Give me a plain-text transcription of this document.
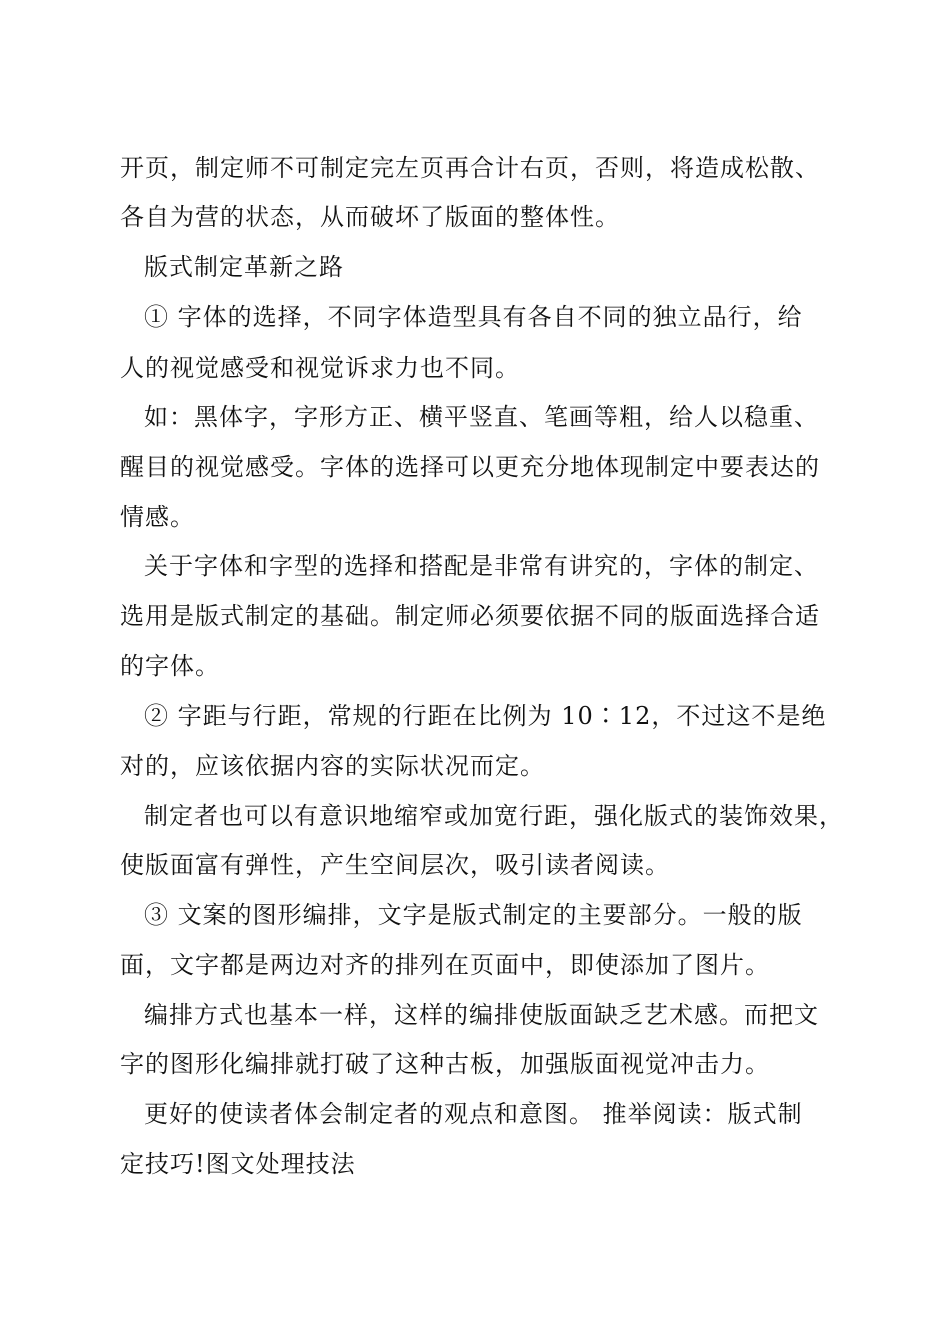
开页，制定师不可制定完左页再合计右页，否则，将造成松散、
各自为营的状态，从而破坏了版面的整体性。
版式制定革新之路
① 字体的选择，不同字体造型具有各自不同的独立品行，给
人的视觉感受和视觉诉求力也不同。
如：黑体字，字形方正、横平竖直、笔画等粗，给人以稳重、
醒目的视觉感受。字体的选择可以更充分地体现制定中要表达的
情感。
关于字体和字型的选择和搭配是非常有讲究的，字体的制定、
选用是版式制定的基础。制定师必须要依据不同的版面选择合适
的字体。
② 字距与行距，常规的行距在比例为 10∶12，不过这不是绝
对的，应该依据内容的实际状况而定。
制定者也可以有意识地缩窄或加宽行距，强化版式的装饰效果，
使版面富有弹性，产生空间层次，吸引读者阅读。
③ 文案的图形编排，文字是版式制定的主要部分。一般的版
面，文字都是两边对齐的排列在页面中，即使添加了图片。
编排方式也基本一样，这样的编排使版面缺乏艺术感。而把文
字的图形化编排就打破了这种古板，加强版面视觉冲击力。
更好的使读者体会制定者的观点和意图。 推举阅读：版式制
定技巧!图文处理技法
